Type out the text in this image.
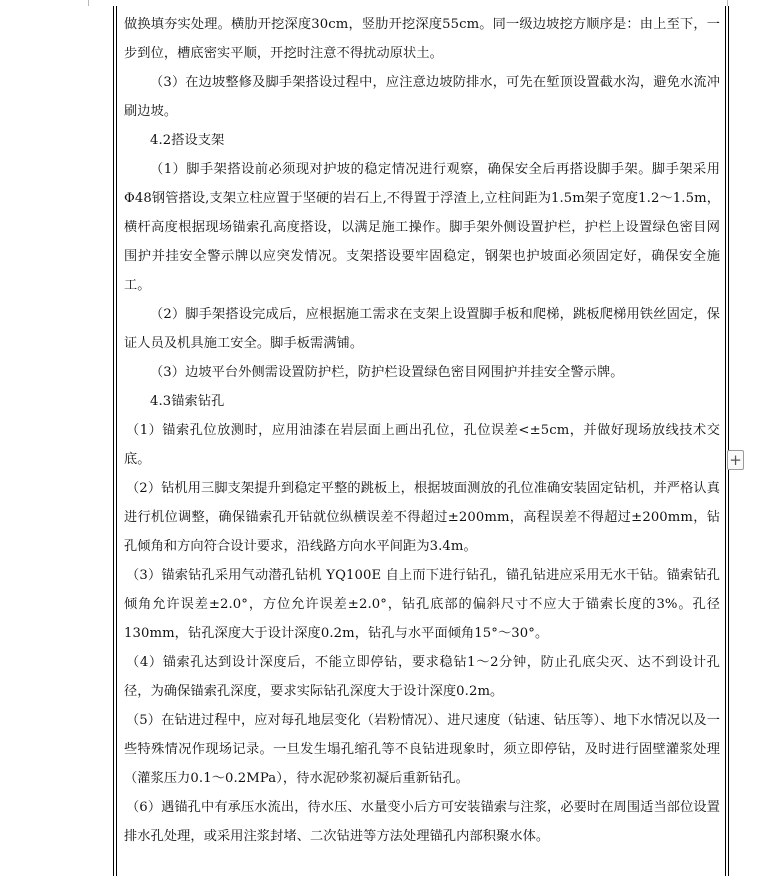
做换填夯实处理。横肋开挖深度30cm，竖肋开挖深度55cm。同一级边坡挖方顺序是：由上至下，一步到位，槽底密实平顺，开挖时注意不得扰动原状土。

（3）在边坡整修及脚手架搭设过程中，应注意边坡防排水，可先在堑顶设置截水沟，避免水流冲刷边坡。

4.2搭设支架

（1）脚手架搭设前必须现对护坡的稳定情况进行观察，确保安全后再搭设脚手架。脚手架采用Φ48钢管搭设,支架立柱应置于坚硬的岩石上,不得置于浮渣上,立柱间距为1.5m架子宽度1.2～1.5m，横杆高度根据现场锚索孔高度搭设，以满足施工操作。脚手架外侧设置护栏，护栏上设置绿色密目网围护并挂安全警示牌以应突发情况。支架搭设要牢固稳定，钢架也护坡面必须固定好，确保安全施工。

（2）脚手架搭设完成后，应根据施工需求在支架上设置脚手板和爬梯，跳板爬梯用铁丝固定，保证人员及机具施工安全。脚手板需满铺。

（3）边坡平台外侧需设置防护栏，防护栏设置绿色密目网围护并挂安全警示牌。

4.3锚索钻孔

（1）锚索孔位放测时，应用油漆在岩层面上画出孔位，孔位误差<±5cm，并做好现场放线技术交底。

（2）钻机用三脚支架提升到稳定平整的跳板上，根据坡面测放的孔位准确安装固定钻机，并严格认真进行机位调整，确保锚索孔开钻就位纵横误差不得超过±200mm，高程误差不得超过±200mm，钻孔倾角和方向符合设计要求，沿线路方向水平间距为3.4m。

（3）锚索钻孔采用气动潜孔钻机 YQ100E 自上而下进行钻孔，锚孔钻进应采用无水干钻。锚索钻孔倾角允许误差±2.0°，方位允许误差±2.0°，钻孔底部的偏斜尺寸不应大于锚索长度的3%。孔径130mm，钻孔深度大于设计深度0.2m，钻孔与水平面倾角15°～30°。

（4）锚索孔达到设计深度后，不能立即停钻，要求稳钻1～2分钟，防止孔底尖灭、达不到设计孔径，为确保锚索孔深度，要求实际钻孔深度大于设计深度0.2m。

（5）在钻进过程中，应对每孔地层变化（岩粉情况）、进尺速度（钻速、钻压等）、地下水情况以及一些特殊情况作现场记录。一旦发生塌孔缩孔等不良钻进现象时，须立即停钻，及时进行固壁灌浆处理（灌浆压力0.1～0.2MPa），待水泥砂浆初凝后重新钻孔。

（6）遇锚孔中有承压水流出，待水压、水量变小后方可安装锚索与注浆，必要时在周围适当部位设置排水孔处理，或采用注浆封堵、二次钻进等方法处理锚孔内部积聚水体。

+
